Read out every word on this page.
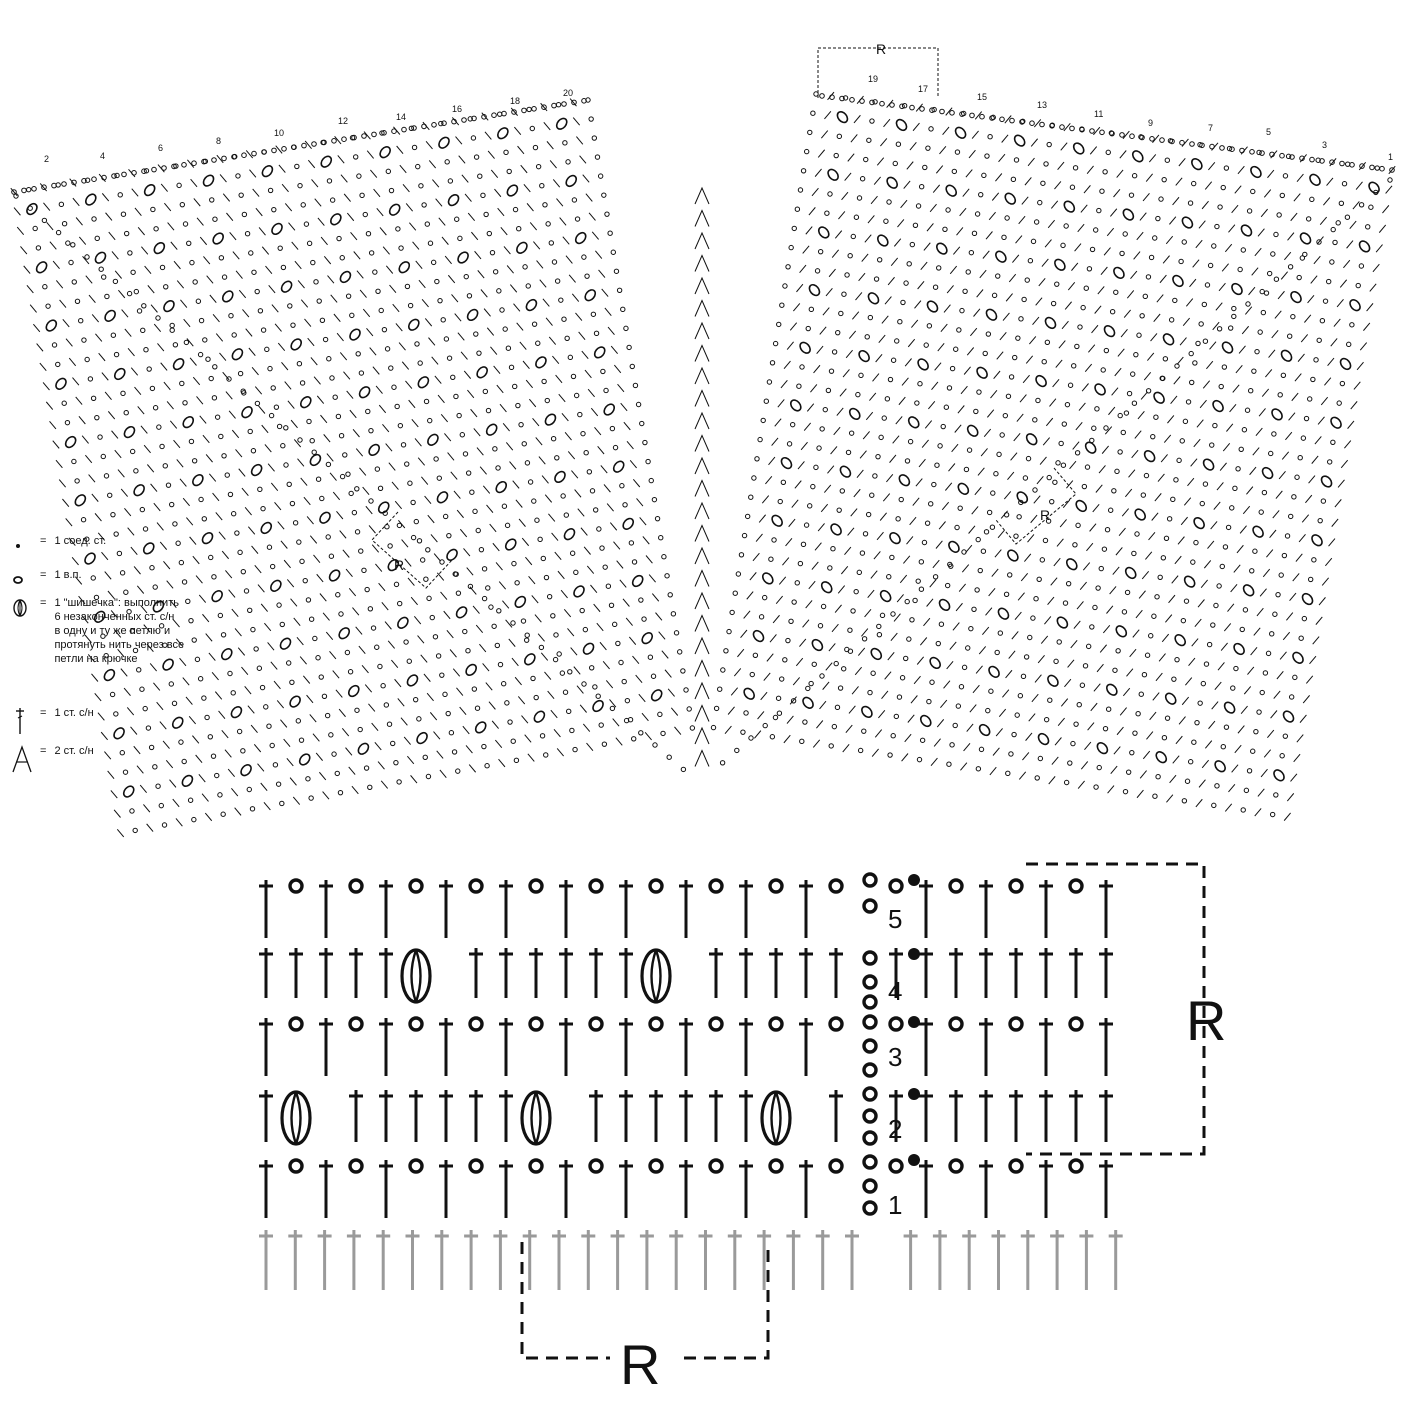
2	4
6
8
10
12	14
16
18
20
19
17
15
13
11
9	7	5
3
1
R
R
R
5
4
3
2
1
R
R
= 1 соед. ст.
= 1 в.п.
= 1 "шишечка": выполнить
6 незаконченных ст. с/н
в одну и ту же петлю и
протянуть нить через все
петли на крючке
= 1 ст. с/н
= 2 ст. с/н
